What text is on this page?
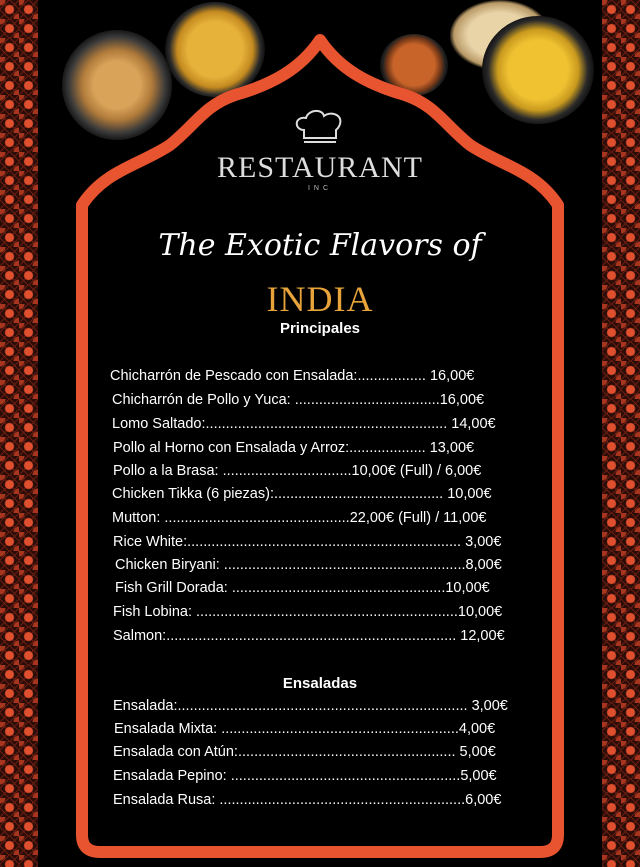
RESTAURANT
INC
The Exotic Flavors of
INDIA
Principales
Ensaladas
Chicharrón de Pescado con Ensalada:................. 16,00€
Chicharrón de Pollo y Yuca: ....................................16,00€
Lomo Saltado:............................................................ 14,00€
Pollo al Horno con Ensalada y Arroz:................... 13,00€
Pollo a la Brasa: ................................10,00€ (Full) / 6,00€
Chicken Tikka (6 piezas):.......................................... 10,00€
Mutton: ..............................................22,00€ (Full) / 11,00€
Rice White:.................................................................... 3,00€
Chicken Biryani: ............................................................8,00€
Fish Grill Dorada: .....................................................10,00€
Fish Lobina: .................................................................10,00€
Salmon:........................................................................ 12,00€
Ensalada:........................................................................ 3,00€
Ensalada Mixta: ...........................................................4,00€
Ensalada con Atún:...................................................... 5,00€
Ensalada Pepino: .........................................................5,00€
Ensalada Rusa: .............................................................6,00€
